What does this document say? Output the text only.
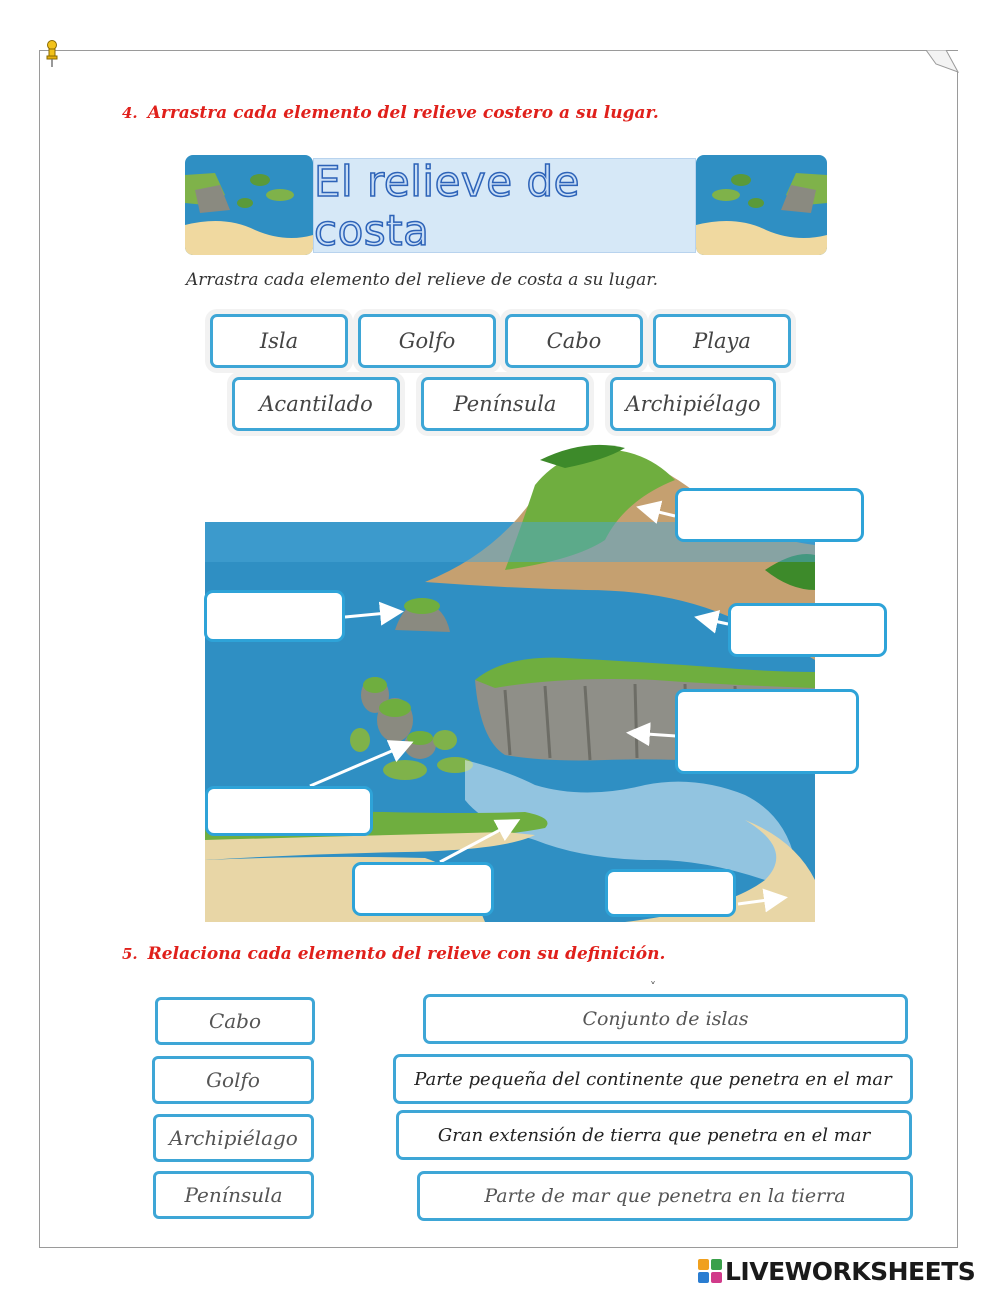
4. Arrastra cada elemento del relieve costero a su lugar.
El relieve de costa
Arrastra cada elemento del relieve de costa a su lugar.
Isla	Golfo	Cabo	Playa
Acantilado	Península	Archipiélago
5. Relaciona cada elemento del relieve con su definición.
˅
Cabo
Golfo
Archipiélago
Península
Conjunto de islas
Parte pequeña del continente que penetra en el mar
Gran extensión de tierra que penetra en el mar
Parte de mar que penetra en la tierra
LIVEWORKSHEETS
